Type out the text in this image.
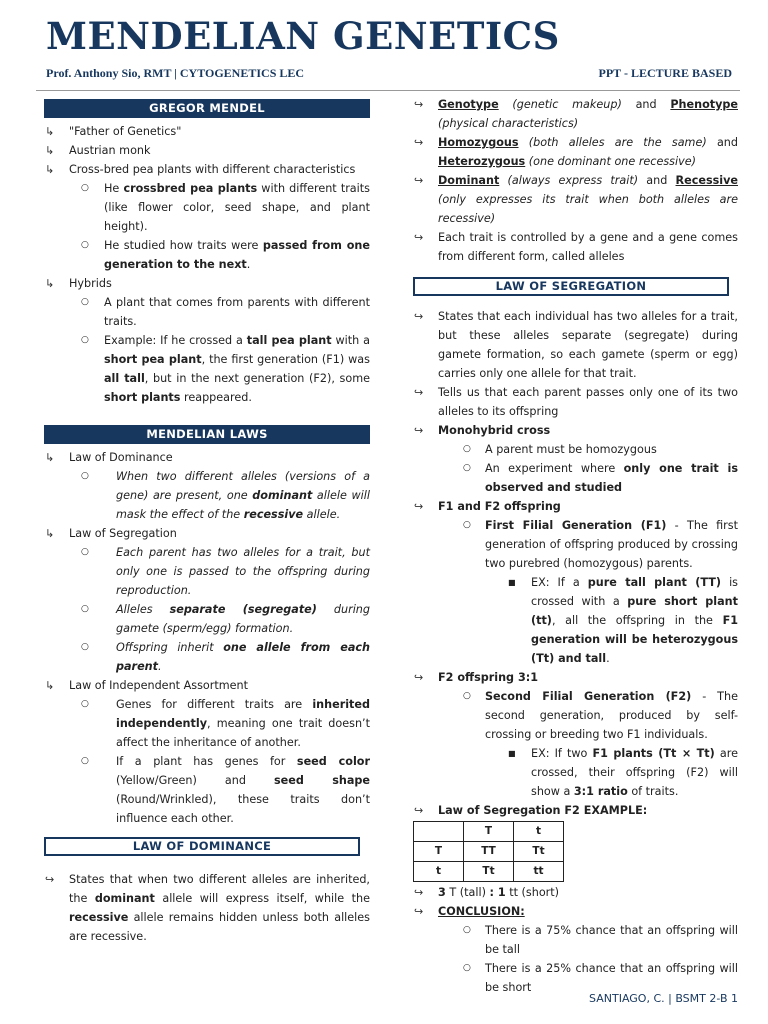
MENDELIAN GENETICS
Prof. Anthony Sio, RMT | CYTOGENETICS LEC	PPT - LECTURE BASED
GREGOR MENDEL
↳ "Father of Genetics"
↳ Austrian monk
↳ Cross-bred pea plants with different characteristics
○ He crossbred pea plants with different traits (like flower color, seed shape, and plant height).
○ He studied how traits were passed from one generation to the next.
↳ Hybrids
○ A plant that comes from parents with different traits.
○ Example: If he crossed a tall pea plant with a short pea plant, the first generation (F1) was all tall, but in the next generation (F2), some short plants reappeared.
MENDELIAN LAWS
↳ Law of Dominance
○ When two different alleles (versions of a gene) are present, one dominant allele will mask the effect of the recessive allele.
↳ Law of Segregation
○ Each parent has two alleles for a trait, but only one is passed to the offspring during reproduction.
○ Alleles separate (segregate) during gamete (sperm/egg) formation.
○ Offspring inherit one allele from each parent.
↳ Law of Independent Assortment
○ Genes for different traits are inherited independently, meaning one trait doesn’t affect the inheritance of another.
○ If a plant has genes for seed color (Yellow/Green) and seed shape (Round/Wrinkled), these traits don’t influence each other.
LAW OF DOMINANCE
↪ States that when two different alleles are inherited, the dominant allele will express itself, while the recessive allele remains hidden unless both alleles are recessive.
↪ Genotype (genetic makeup) and Phenotype (physical characteristics)
↪ Homozygous (both alleles are the same) and Heterozygous (one dominant one recessive)
↪ Dominant (always express trait) and Recessive (only expresses its trait when both alleles are recessive)
↪ Each trait is controlled by a gene and a gene comes from different form, called alleles
LAW OF SEGREGATION
↪ States that each individual has two alleles for a trait, but these alleles separate (segregate) during gamete formation, so each gamete (sperm or egg) carries only one allele for that trait.
↪ Tells us that each parent passes only one of its two alleles to its offspring
↪ Monohybrid cross
○ A parent must be homozygous
○ An experiment where only one trait is observed and studied
↪ F1 and F2 offspring
○ First Filial Generation (F1) - The first generation of offspring produced by crossing two purebred (homozygous) parents.
■ EX: If a pure tall plant (TT) is crossed with a pure short plant (tt), all the offspring in the F1 generation will be heterozygous (Tt) and tall.
↪ F2 offspring 3:1
○ Second Filial Generation (F2) - The second generation, produced by self-crossing or breeding two F1 individuals.
■ EX: If two F1 plants (Tt × Tt) are crossed, their offspring (F2) will show a 3:1 ratio of traits.
↪ Law of Segregation F2 EXAMPLE:
	T	t
T	TT	Tt
t	Tt	tt
↪ 3 T (tall) : 1 tt (short)
↪ CONCLUSION:
○ There is a 75% chance that an offspring will be tall
○ There is a 25% chance that an offspring will be short
SANTIAGO, C. | BSMT 2-B 1
